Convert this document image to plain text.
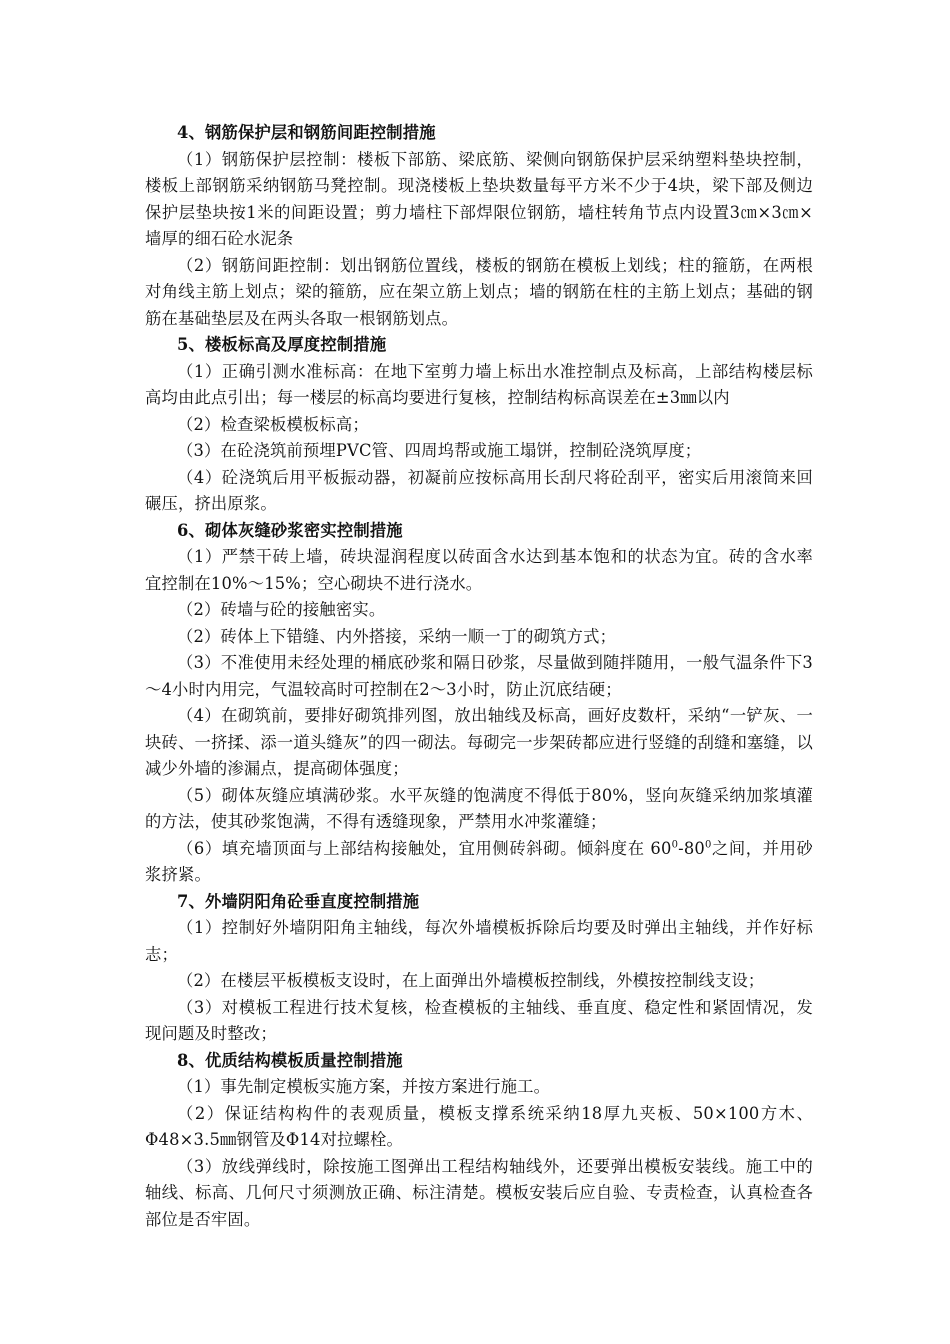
4、钢筋保护层和钢筋间距控制措施

（1）钢筋保护层控制：楼板下部筋、梁底筋、梁侧向钢筋保护层采纳塑料垫块控制，楼板上部钢筋采纳钢筋马凳控制。现浇楼板上垫块数量每平方米不少于4块，梁下部及侧边保护层垫块按1米的间距设置；剪力墙柱下部焊限位钢筋，墙柱转角节点内设置3㎝×3㎝×墙厚的细石砼水泥条

（2）钢筋间距控制：划出钢筋位置线，楼板的钢筋在模板上划线；柱的箍筋，在两根对角线主筋上划点；梁的箍筋，应在架立筋上划点；墙的钢筋在柱的主筋上划点；基础的钢筋在基础垫层及在两头各取一根钢筋划点。

5、楼板标高及厚度控制措施

（1）正确引测水准标高：在地下室剪力墙上标出水准控制点及标高，上部结构楼层标高均由此点引出；每一楼层的标高均要进行复核，控制结构标高误差在±3㎜以内

（2）检查梁板模板标高；

（3）在砼浇筑前预埋PVC管、四周坞帮或施工塌饼，控制砼浇筑厚度；

（4）砼浇筑后用平板振动器，初凝前应按标高用长刮尺将砼刮平，密实后用滚筒来回碾压，挤出原浆。

6、砌体灰缝砂浆密实控制措施

（1）严禁干砖上墙，砖块湿润程度以砖面含水达到基本饱和的状态为宜。砖的含水率宜控制在10%～15%；空心砌块不进行浇水。

（2）砖墙与砼的接触密实。

（2）砖体上下错缝、内外搭接，采纳一顺一丁的砌筑方式；

（3）不准使用未经处理的桶底砂浆和隔日砂浆，尽量做到随拌随用，一般气温条件下3～4小时内用完，气温较高时可控制在2～3小时，防止沉底结硬；

（4）在砌筑前，要排好砌筑排列图，放出轴线及标高，画好皮数杆，采纳“一铲灰、一块砖、一挤揉、添一道头缝灰”的四一砌法。每砌完一步架砖都应进行竖缝的刮缝和塞缝，以减少外墙的渗漏点，提高砌体强度；

（5）砌体灰缝应填满砂浆。水平灰缝的饱满度不得低于80%，竖向灰缝采纳加浆填灌的方法，使其砂浆饱满，不得有透缝现象，严禁用水冲浆灌缝；

（6）填充墙顶面与上部结构接触处，宜用侧砖斜砌。倾斜度在 $60^0-80^0$之间，并用砂浆挤紧。

7、外墙阴阳角砼垂直度控制措施

（1）控制好外墙阴阳角主轴线，每次外墙模板拆除后均要及时弹出主轴线，并作好标志；

（2）在楼层平板模板支设时，在上面弹出外墙模板控制线，外模按控制线支设；

（3）对模板工程进行技术复核，检查模板的主轴线、垂直度、稳定性和紧固情况，发现问题及时整改；

8、优质结构模板质量控制措施

（1）事先制定模板实施方案，并按方案进行施工。

（2）保证结构构件的表观质量，模板支撑系统采纳18厚九夹板、50×100方木、Φ48×3.5㎜钢管及Φ14对拉螺栓。

（3）放线弹线时，除按施工图弹出工程结构轴线外，还要弹出模板安装线。施工中的轴线、标高、几何尺寸须测放正确、标注清楚。模板安装后应自验、专责检查，认真检查各部位是否牢固。
